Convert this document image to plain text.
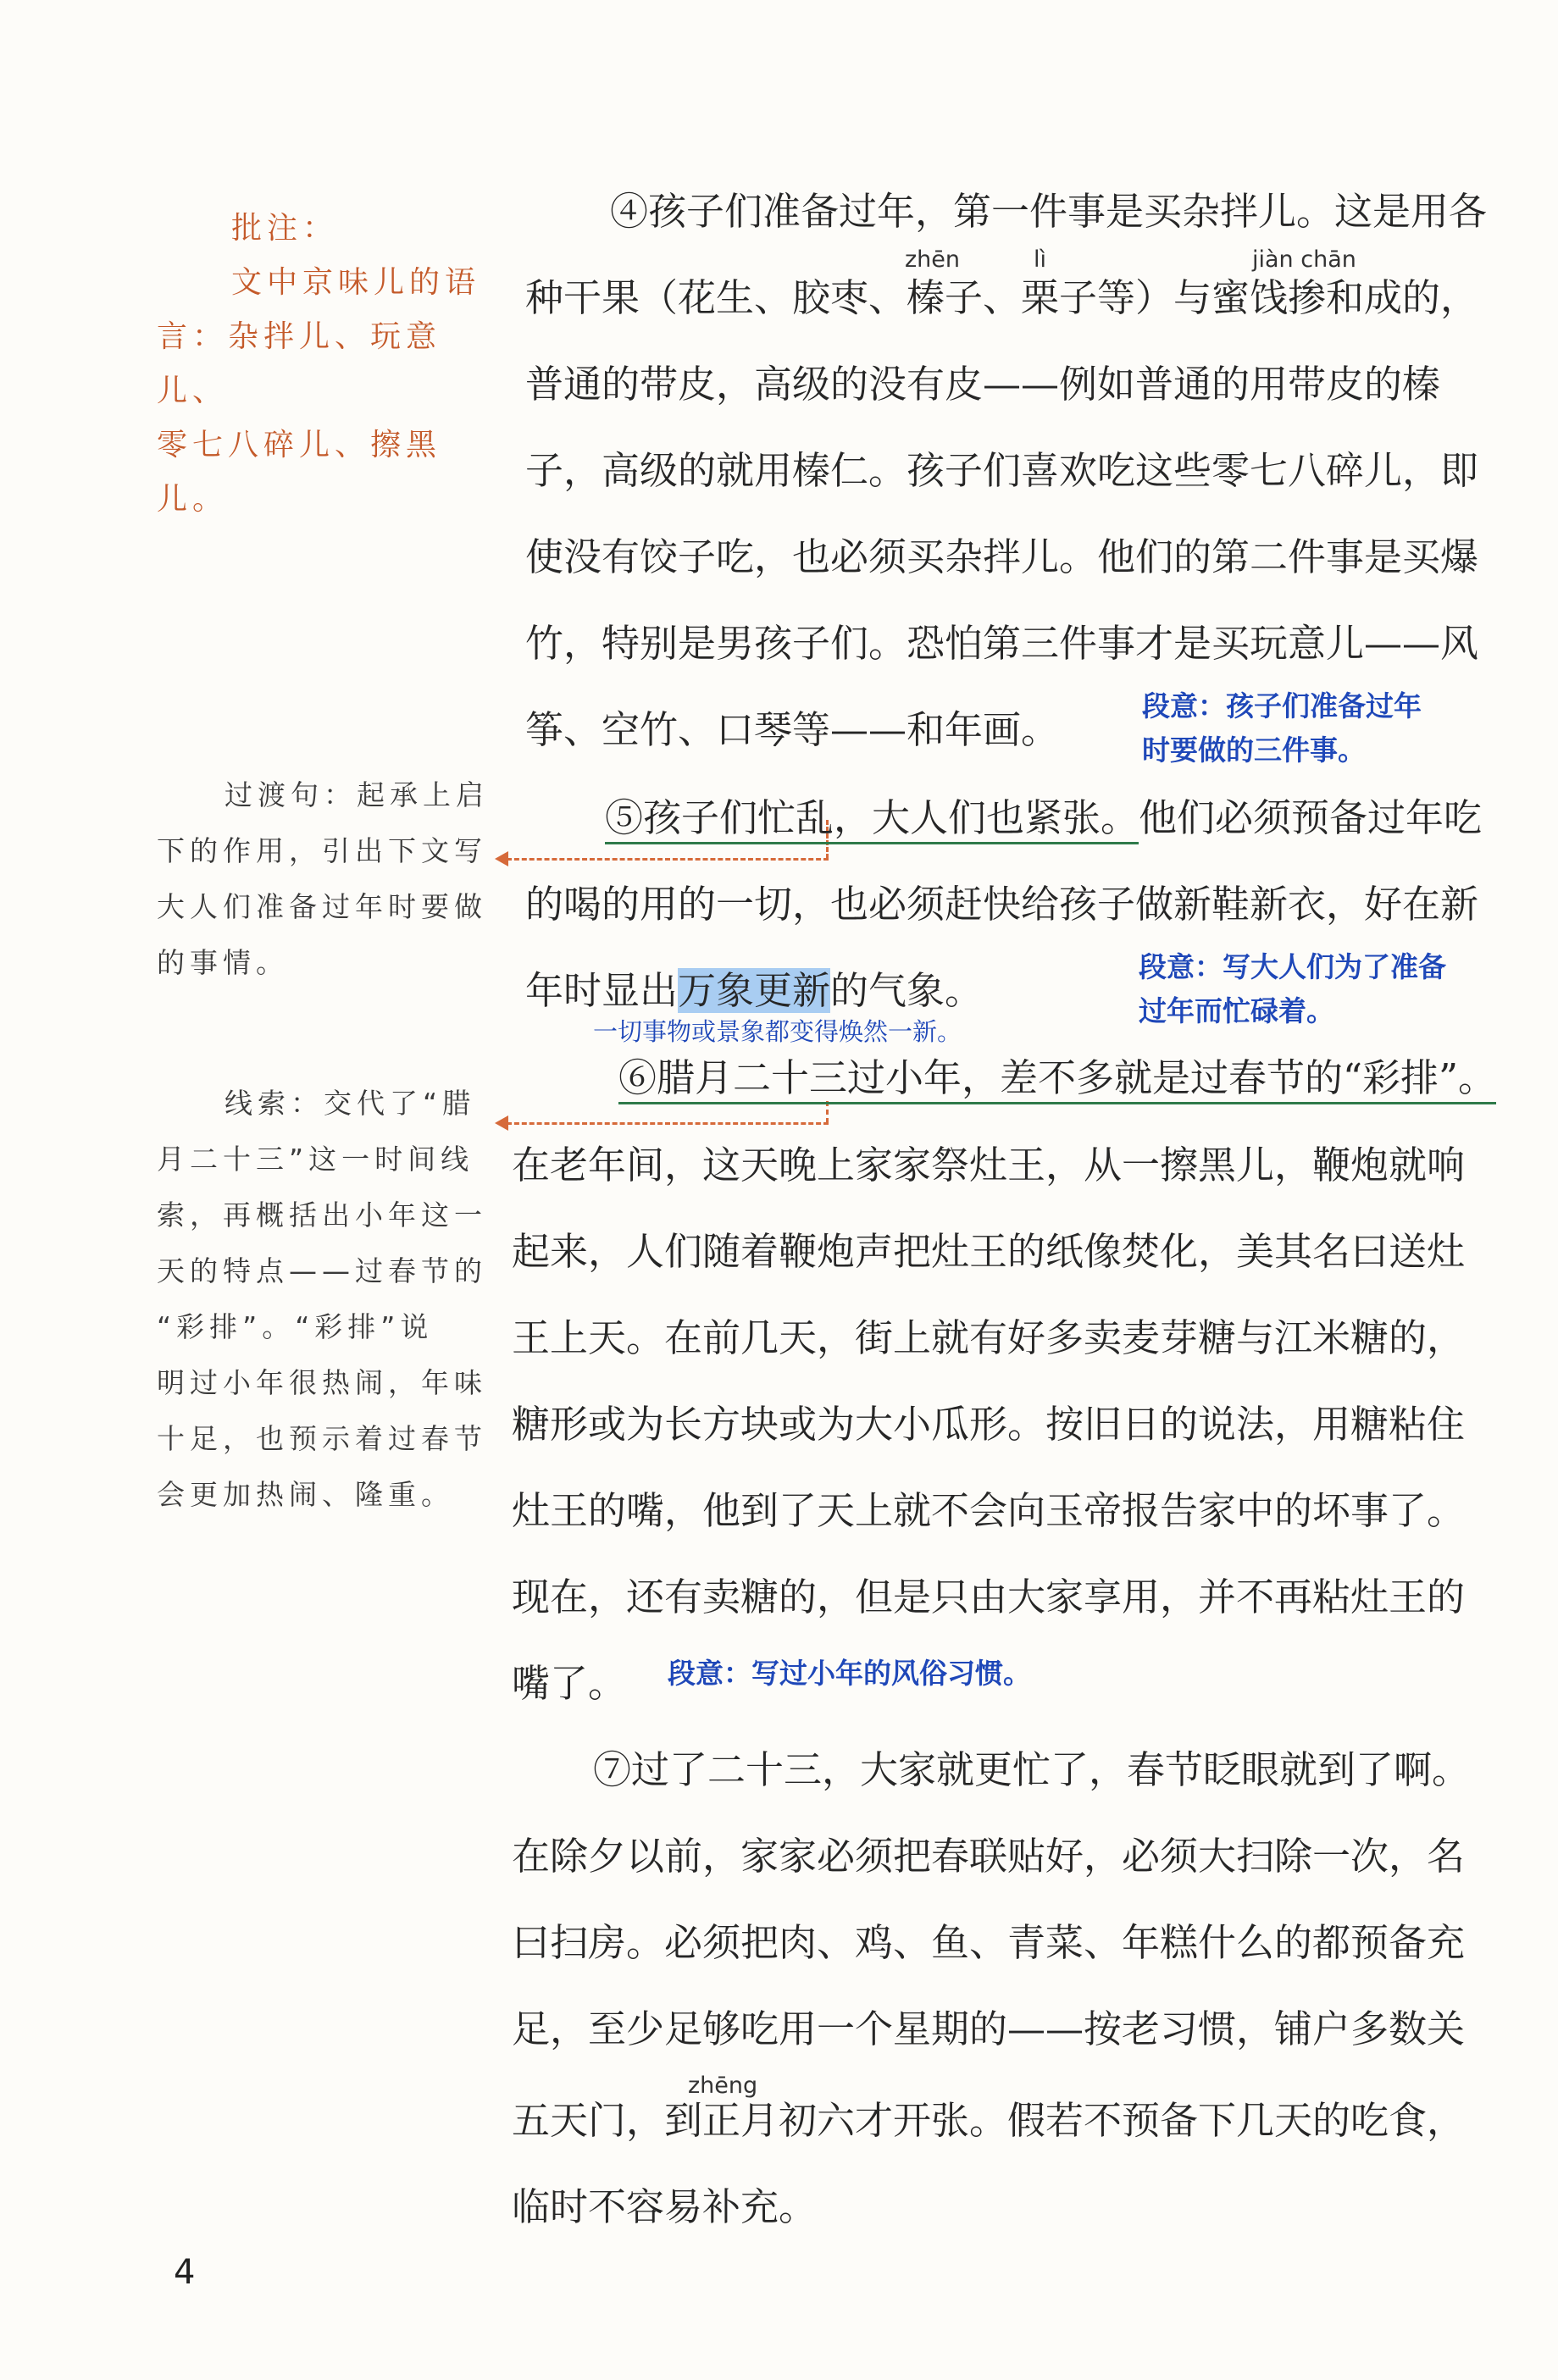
批注：
文中京味儿的语
言：杂拌儿、玩意儿、
零七八碎儿、擦黑儿。
过渡句：起承上启
下的作用，引出下文写
大人们准备过年时要做
的事情。
线索：交代了“腊
月二十三”这一时间线
索，再概括出小年这一
天的特点——过春节的
“彩排”。“彩排”说
明过小年很热闹，年味
十足，也预示着过春节
会更加热闹、隆重。
zhēn	lì	jiàn chān
zhēng
④孩子们准备过年，第一件事是买杂拌儿。这是用各
种干果（花生、胶枣、榛子、栗子等）与蜜饯掺和成的，
普通的带皮，高级的没有皮——例如普通的用带皮的榛
子，高级的就用榛仁。孩子们喜欢吃这些零七八碎儿，即
使没有饺子吃，也必须买杂拌儿。他们的第二件事是买爆
竹，特别是男孩子们。恐怕第三件事才是买玩意儿——风
筝、空竹、口琴等——和年画。
段意：孩子们准备过年
时要做的三件事。
⑤孩子们忙乱，大人们也紧张。他们必须预备过年吃
的喝的用的一切，也必须赶快给孩子做新鞋新衣，好在新
年时显出万象更新的气象。
一切事物或景象都变得焕然一新。
段意：写大人们为了准备
过年而忙碌着。
⑥腊月二十三过小年，差不多就是过春节的“彩排”。
在老年间，这天晚上家家祭灶王，从一擦黑儿，鞭炮就响
起来，人们随着鞭炮声把灶王的纸像焚化，美其名曰送灶
王上天。在前几天，街上就有好多卖麦芽糖与江米糖的，
糖形或为长方块或为大小瓜形。按旧日的说法，用糖粘住
灶王的嘴，他到了天上就不会向玉帝报告家中的坏事了。
现在，还有卖糖的，但是只由大家享用，并不再粘灶王的
嘴了。	段意：写过小年的风俗习惯。
⑦过了二十三，大家就更忙了，春节眨眼就到了啊。
在除夕以前，家家必须把春联贴好，必须大扫除一次，名
曰扫房。必须把肉、鸡、鱼、青菜、年糕什么的都预备充
足，至少足够吃用一个星期的——按老习惯，铺户多数关
五天门，到正月初六才开张。假若不预备下几天的吃食，
临时不容易补充。
4
